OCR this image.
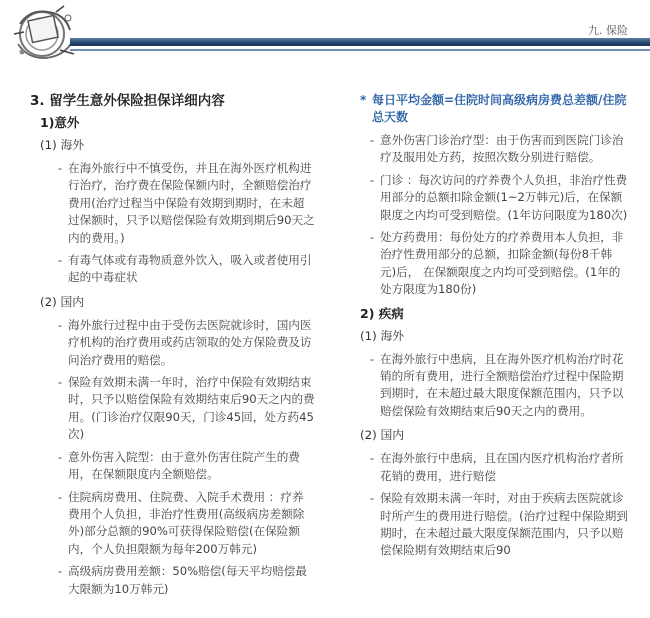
九. 保险
3. 留学生意外保险担保详细内容
1)意外
(1) 海外
- 在海外旅行中不慎受伤，并且在海外医疗机构进行治疗，治疗费在保险保额内时，全额赔偿治疗费用(治疗过程当中保险有效期到期时，在未超过保额时，只予以赔偿保险有效期到期后90天之内的费用。)
- 有毒气体或有毒物质意外饮入，吸入或者使用引起的中毒症状
(2) 国内
- 海外旅行过程中由于受伤去医院就诊时，国内医疗机构的治疗费用或药店领取的处方保险费及访问治疗费用的赔偿。
- 保险有效期未满一年时，治疗中保险有效期结束时，只予以赔偿保险有效期结束后90天之内的费用。(门诊治疗仅限90天，门诊45回，处方药45次)
- 意外伤害入院型：由于意外伤害住院产生的费用，在保额限度内全额赔偿。
- 住院病房费用、住院费、入院手术费用 ：疗养费用个人负担，非治疗性费用(高级病房差额除外)部分总额的90%可获得保险赔偿(在保险额内，个人负担限额为每年200万韩元)
- 高级病房费用差额：50%赔偿(每天平均赔偿最大限额为10万韩元)
* 每日平均金额=住院时间高级病房费总差额/住院总天数
- 意外伤害门诊治疗型：由于伤害而到医院门诊治疗及服用处方药，按照次数分别进行赔偿。
- 门诊 ：每次访问的疗养费个人负担，非治疗性费用部分的总额扣除金额(1~2万韩元)后，在保额限度之内均可受到赔偿。(1年访问限度为180次)
- 处方药费用：每份处方的疗养费用本人负担，非治疗性费用部分的总额，扣除金额(每份8千韩元)后， 在保额限度之内均可受到赔偿。(1年的处方限度为180份)
2) 疾病
(1) 海外
- 在海外旅行中患病，且在海外医疗机构治疗时花销的所有费用，进行全额赔偿治疗过程中保险期到期时，在未超过最大限度保额范围内，只予以赔偿保险有效期结束后90天之内的费用。
(2) 国内
- 在海外旅行中患病，且在国内医疗机构治疗者所花销的费用，进行赔偿
- 保险有效期未满一年时，对由于疾病去医院就诊时所产生的费用进行赔偿。(治疗过程中保险期到期时，在未超过最大限度保额范围内，只予以赔偿保险期有效期结束后90
